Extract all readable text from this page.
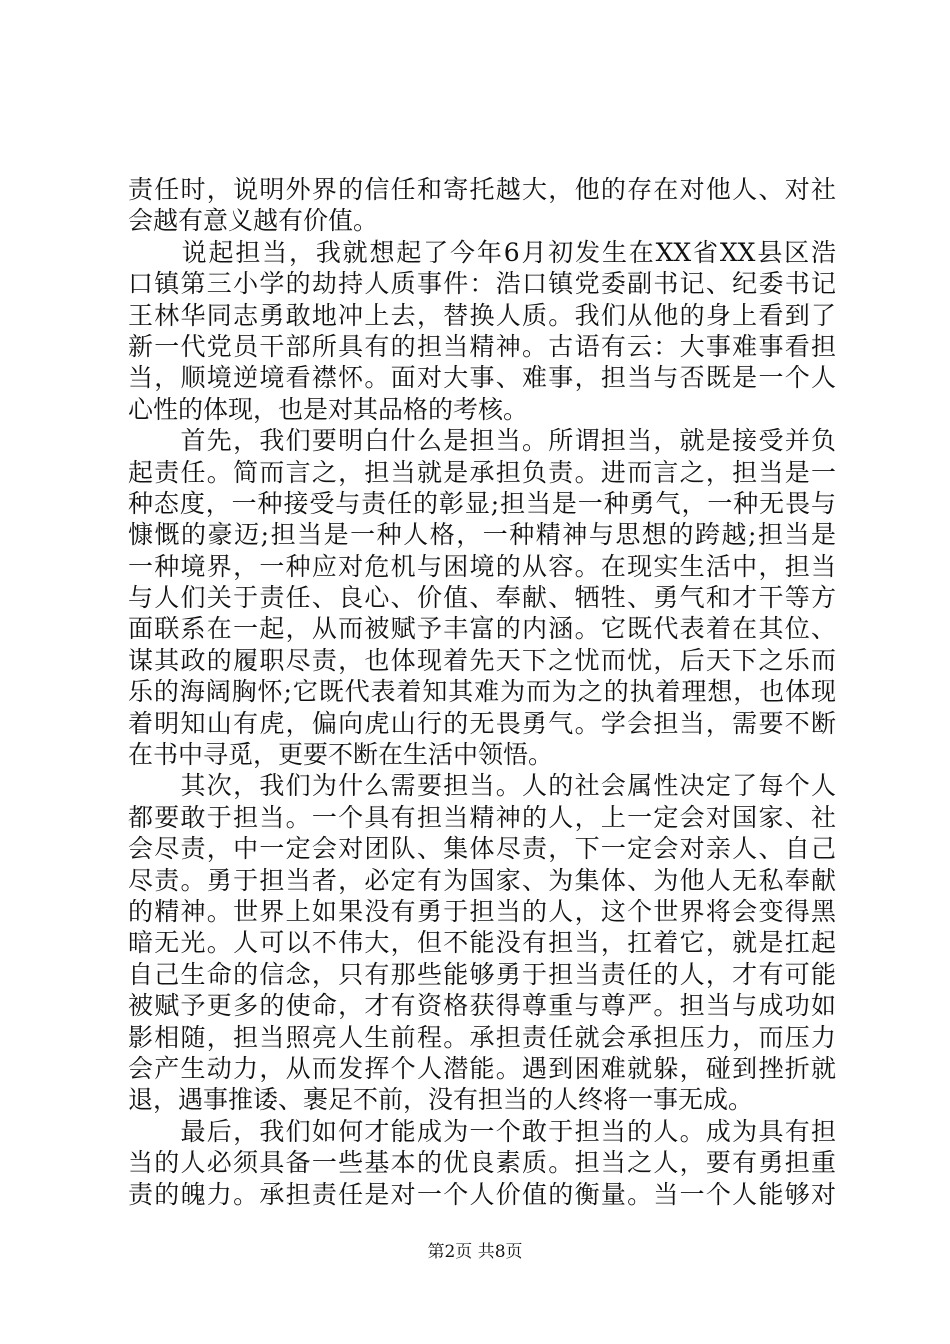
责任时，说明外界的信任和寄托越大，他的存在对他人、对社
会越有意义越有价值。
　　说起担当，我就想起了今年6月初发生在XX省XX县区浩
口镇第三小学的劫持人质事件：浩口镇党委副书记、纪委书记
王林华同志勇敢地冲上去，替换人质。我们从他的身上看到了
新一代党员干部所具有的担当精神。古语有云：大事难事看担
当，顺境逆境看襟怀。面对大事、难事，担当与否既是一个人
心性的体现，也是对其品格的考核。
　　首先，我们要明白什么是担当。所谓担当，就是接受并负
起责任。简而言之，担当就是承担负责。进而言之，担当是一
种态度，一种接受与责任的彰显;担当是一种勇气，一种无畏与
慷慨的豪迈;担当是一种人格，一种精神与思想的跨越;担当是
一种境界，一种应对危机与困境的从容。在现实生活中，担当
与人们关于责任、良心、价值、奉献、牺牲、勇气和才干等方
面联系在一起，从而被赋予丰富的内涵。它既代表着在其位、
谋其政的履职尽责，也体现着先天下之忧而忧，后天下之乐而
乐的海阔胸怀;它既代表着知其难为而为之的执着理想，也体现
着明知山有虎，偏向虎山行的无畏勇气。学会担当，需要不断
在书中寻觅，更要不断在生活中领悟。
　　其次，我们为什么需要担当。人的社会属性决定了每个人
都要敢于担当。一个具有担当精神的人，上一定会对国家、社
会尽责，中一定会对团队、集体尽责，下一定会对亲人、自己
尽责。勇于担当者，必定有为国家、为集体、为他人无私奉献
的精神。世界上如果没有勇于担当的人，这个世界将会变得黑
暗无光。人可以不伟大，但不能没有担当，扛着它，就是扛起
自己生命的信念，只有那些能够勇于担当责任的人，才有可能
被赋予更多的使命，才有资格获得尊重与尊严。担当与成功如
影相随，担当照亮人生前程。承担责任就会承担压力，而压力
会产生动力，从而发挥个人潜能。遇到困难就躲，碰到挫折就
退，遇事推诿、裹足不前，没有担当的人终将一事无成。
　　最后，我们如何才能成为一个敢于担当的人。成为具有担
当的人必须具备一些基本的优良素质。担当之人，要有勇担重
责的魄力。承担责任是对一个人价值的衡量。当一个人能够对
第2页 共8页
